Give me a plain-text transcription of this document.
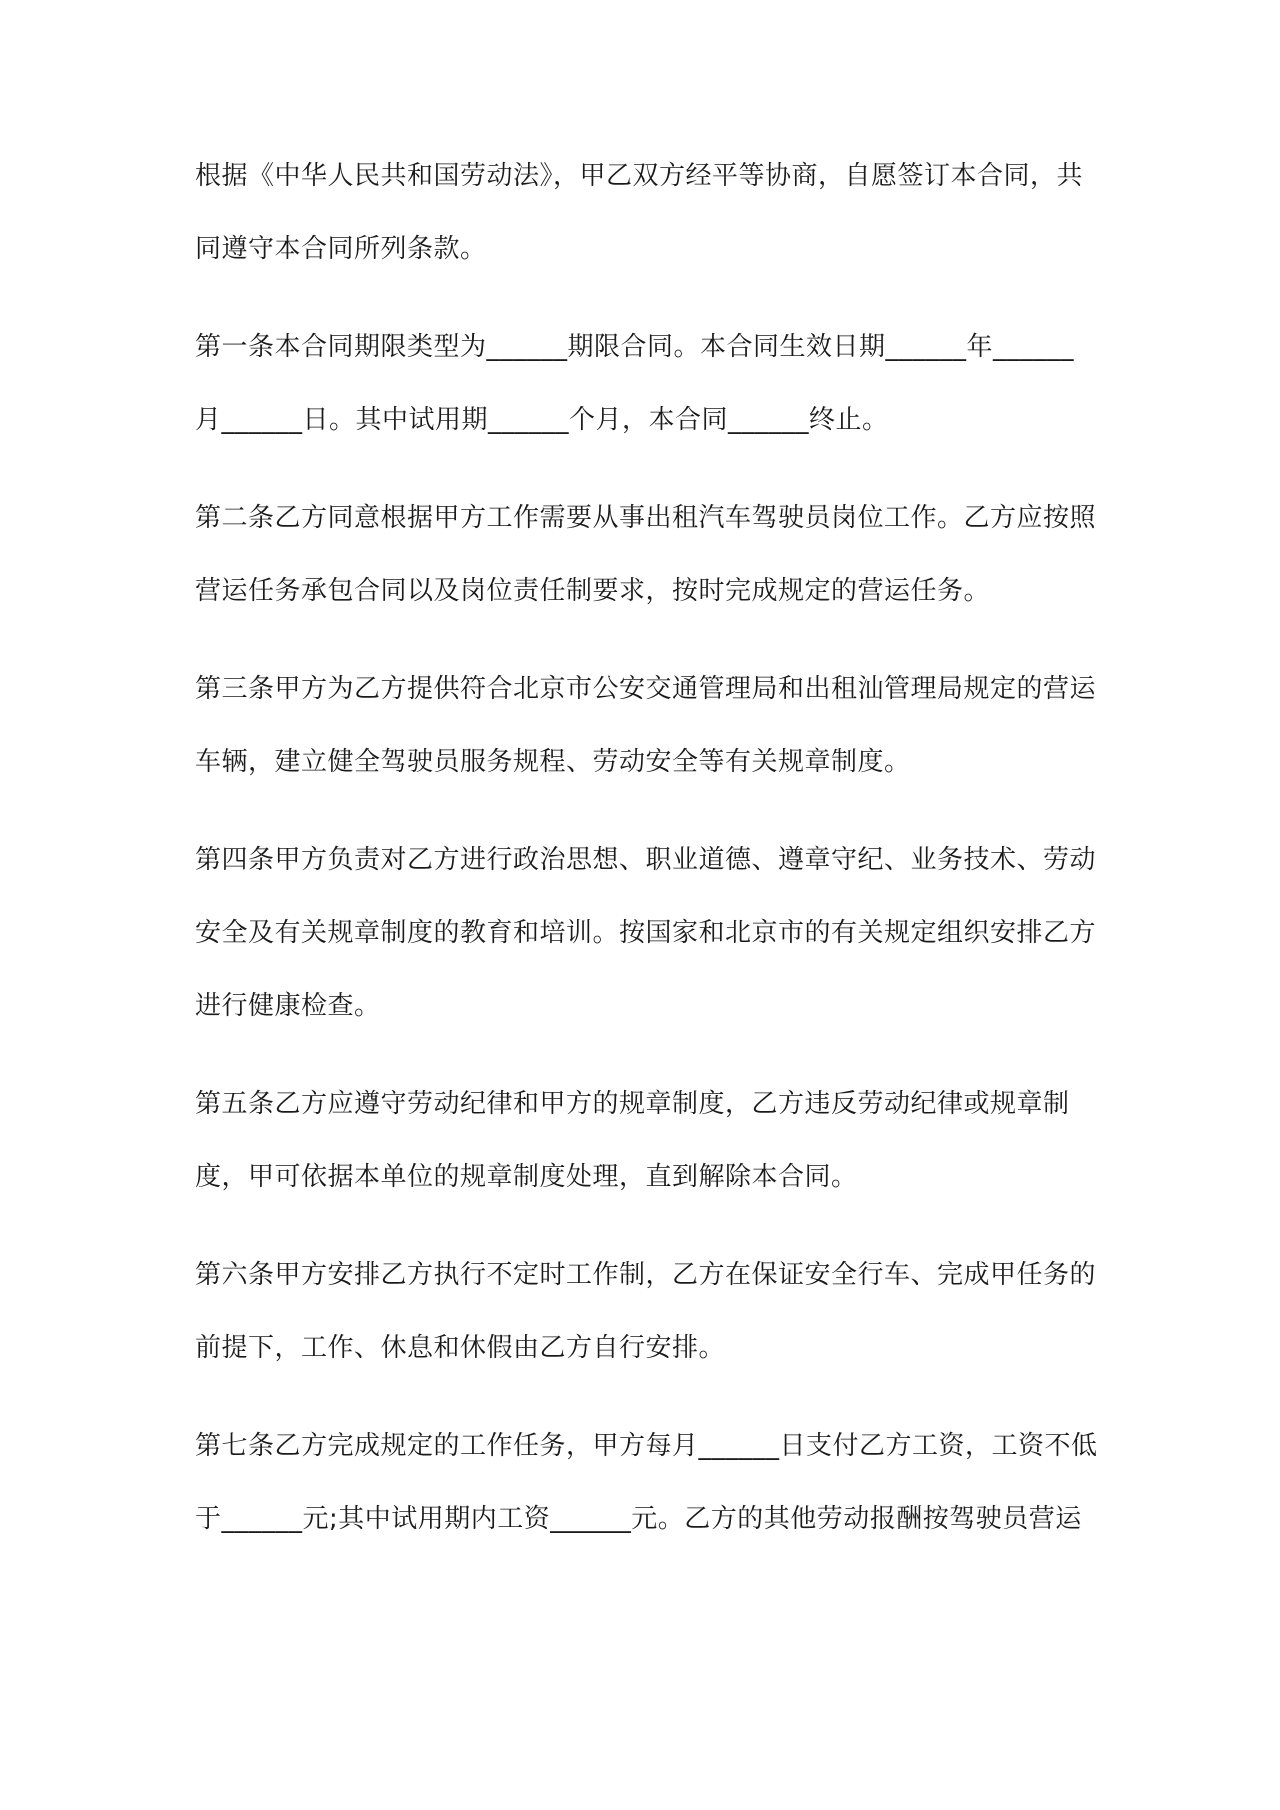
根据《中华人民共和国劳动法》，甲乙双方经平等协商，自愿签订本合同，共
同遵守本合同所列条款。
第一条本合同期限类型为______期限合同。本合同生效日期______年______
月______日。其中试用期______个月，本合同______终止。
第二条乙方同意根据甲方工作需要从事出租汽车驾驶员岗位工作。乙方应按照
营运任务承包合同以及岗位责任制要求，按时完成规定的营运任务。
第三条甲方为乙方提供符合北京市公安交通管理局和出租汕管理局规定的营运
车辆，建立健全驾驶员服务规程、劳动安全等有关规章制度。
第四条甲方负责对乙方进行政治思想、职业道德、遵章守纪、业务技术、劳动
安全及有关规章制度的教育和培训。按国家和北京市的有关规定组织安排乙方
进行健康检查。
第五条乙方应遵守劳动纪律和甲方的规章制度，乙方违反劳动纪律或规章制
度，甲可依据本单位的规章制度处理，直到解除本合同。
第六条甲方安排乙方执行不定时工作制，乙方在保证安全行车、完成甲任务的
前提下，工作、休息和休假由乙方自行安排。
第七条乙方完成规定的工作任务，甲方每月______日支付乙方工资，工资不低
于______元;其中试用期内工资______元。乙方的其他劳动报酬按驾驶员营运
